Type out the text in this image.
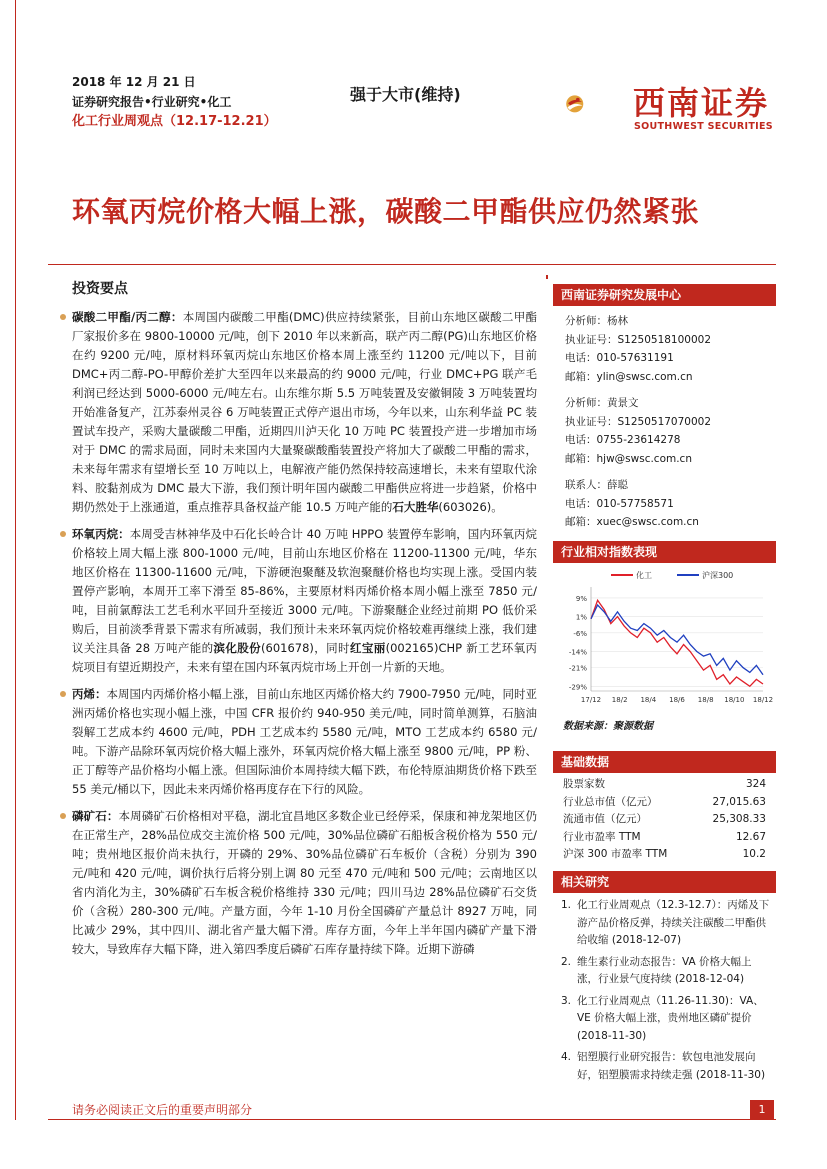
2018 年 12 月 21 日
证券研究报告•行业研究•化工
化工行业周观点（12.17-12.21）
强于大市(维持)	西南证券
SOUTHWEST SECURITIES
环氧丙烷价格大幅上涨，碳酸二甲酯供应仍然紧张
投资要点
碳酸二甲酯/丙二醇：本周国内碳酸二甲酯(DMC)供应持续紧张，目前山东地区碳酸二甲酯厂家报价多在 9800-10000 元/吨，创下 2010 年以来新高，联产丙二醇(PG)山东地区价格在约 9200 元/吨，原材料环氧丙烷山东地区价格本周上涨至约 11200 元/吨以下，目前 DMC+丙二醇-PO-甲醇价差扩大至四年以来最高的约 9000 元/吨，行业 DMC+PG 联产毛利润已经达到 5000-6000 元/吨左右。山东维尔斯 5.5 万吨装置及安徽铜陵 3 万吨装置均开始准备复产，江苏泰州灵谷 6 万吨装置正式停产退出市场，今年以来，山东利华益 PC 装置试车投产，采购大量碳酸二甲酯，近期四川泸天化 10 万吨 PC 装置投产进一步增加市场对于 DMC 的需求局面，同时未来国内大量聚碳酸酯装置投产将加大了碳酸二甲酯的需求，未来每年需求有望增长至 10 万吨以上，电解液产能仍然保持较高速增长，未来有望取代涂料、胶黏剂成为 DMC 最大下游，我们预计明年国内碳酸二甲酯供应将进一步趋紧，价格中期仍然处于上涨通道，重点推荐具备权益产能 10.5 万吨产能的石大胜华(603026)。
环氧丙烷：本周受吉林神华及中石化长岭合计 40 万吨 HPPO 装置停车影响，国内环氧丙烷价格较上周大幅上涨 800-1000 元/吨，目前山东地区价格在 11200-11300 元/吨，华东地区价格在 11300-11600 元/吨，下游硬泡聚醚及软泡聚醚价格也均实现上涨。受国内装置停产影响，本周开工率下滑至 85-86%，主要原材料丙烯价格本周小幅上涨至 7850 元/吨，目前氯醇法工艺毛利水平回升至接近 3000 元/吨。下游聚醚企业经过前期 PO 低价采购后，目前淡季背景下需求有所减弱，我们预计未来环氧丙烷价格较难再继续上涨，我们建议关注具备 28 万吨产能的滨化股份(601678)，同时红宝丽(002165)CHP 新工艺环氧丙烷项目有望近期投产，未来有望在国内环氧丙烷市场上开创一片新的天地。
丙烯：本周国内丙烯价格小幅上涨，目前山东地区丙烯价格大约 7900-7950 元/吨，同时亚洲丙烯价格也实现小幅上涨，中国 CFR 报价约 940-950 美元/吨，同时简单测算，石脑油裂解工艺成本约 4600 元/吨，PDH 工艺成本约 5580 元/吨，MTO 工艺成本约 6580 元/吨。下游产品除环氧丙烷价格大幅上涨外，环氧丙烷价格大幅上涨至 9800 元/吨，PP 粉、正丁醇等产品价格均小幅上涨。但国际油价本周持续大幅下跌，布伦特原油期货价格下跌至 55 美元/桶以下，因此未来丙烯价格再度存在下行的风险。
磷矿石：本周磷矿石价格相对平稳，湖北宜昌地区多数企业已经停采，保康和神龙架地区仍在正常生产，28%品位成交主流价格 500 元/吨，30%品位磷矿石船板含税价格为 550 元/吨；贵州地区报价尚未执行，开磷的 29%、30%品位磷矿石车板价（含税）分别为 390 元/吨和 420 元/吨，调价执行后将分别上调 80 元至 470 元/吨和 500 元/吨；云南地区以省内消化为主，30%磷矿石车板含税价格维持 330 元/吨；四川马边 28%品位磷矿石交货价（含税）280-300 元/吨。产量方面，今年 1-10 月份全国磷矿产量总计 8927 万吨，同比减少 29%，其中四川、湖北省产量大幅下滑。库存方面，今年上半年国内磷矿产量下滑较大，导致库存大幅下降，进入第四季度后磷矿石库存量持续下降。近期下游磷
西南证券研究发展中心
分析师：杨林
执业证号：S1250518100002
电话：010-57631191
邮箱：ylin@swsc.com.cn
分析师：黄景文
执业证号：S1250517070002
电话：0755-23614278
邮箱：hjw@swsc.com.cn
联系人：薛聪
电话：010-57758571
邮箱：xuec@swsc.com.cn
行业相对指数表现
化工	沪深300
9%
1%
-6%
-14%
-21%
-29%
17/12 18/2 18/4 18/6 18/8 18/10 18/12
数据来源：聚源数据
基础数据
股票家数	324
行业总市值（亿元）	27,015.63
流通市值（亿元）	25,308.33
行业市盈率 TTM	12.67
沪深 300 市盈率 TTM	10.2
相关研究
1. 化工行业周观点（12.3-12.7）：丙烯及下游产品价格反弹，持续关注碳酸二甲酯供给收缩 (2018-12-07)
2. 维生素行业动态报告：VA 价格大幅上涨，行业景气度持续 (2018-12-04)
3. 化工行业周观点（11.26-11.30)：VA、VE 价格大幅上涨，贵州地区磷矿提价 (2018-11-30)
4. 铝塑膜行业研究报告：软包电池发展向好，铝塑膜需求持续走强 (2018-11-30)
请务必阅读正文后的重要声明部分	1
